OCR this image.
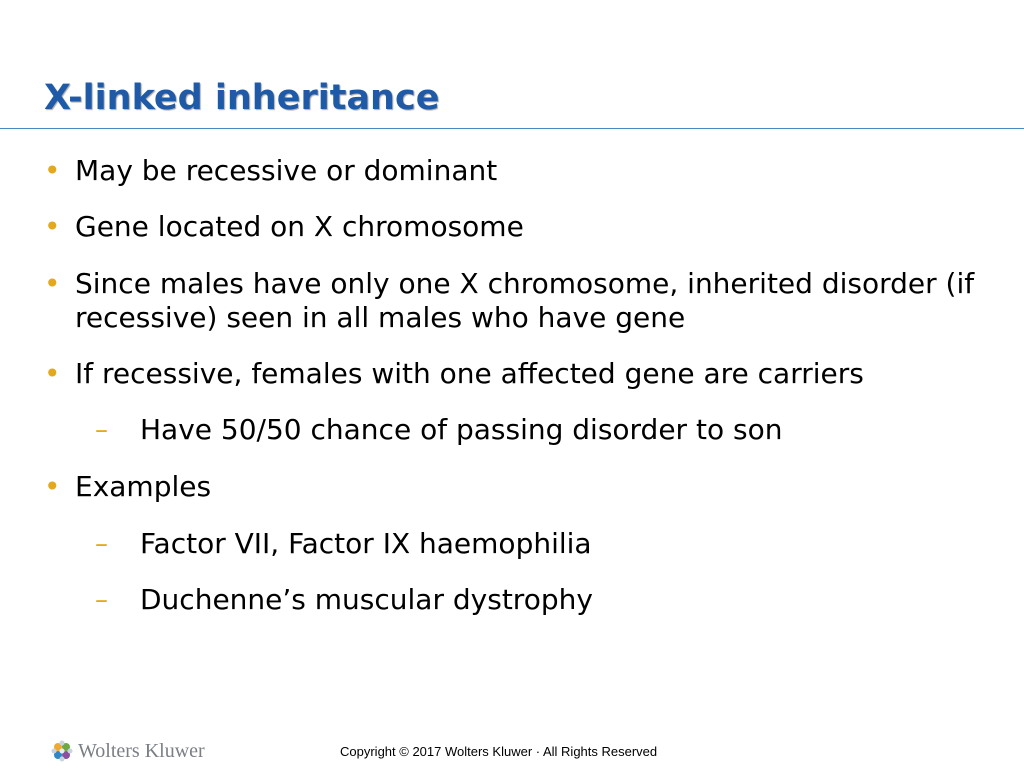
X-linked inheritance
• May be recessive or dominant
• Gene located on X chromosome
• Since males have only one X chromosome, inherited disorder (if recessive) seen in all males who have gene
• If recessive, females with one affected gene are carriers
– Have 50/50 chance of passing disorder to son
• Examples
– Factor VII, Factor IX haemophilia
– Duchenne’s muscular dystrophy
Wolters Kluwer	Copyright © 2017 Wolters Kluwer · All Rights Reserved
